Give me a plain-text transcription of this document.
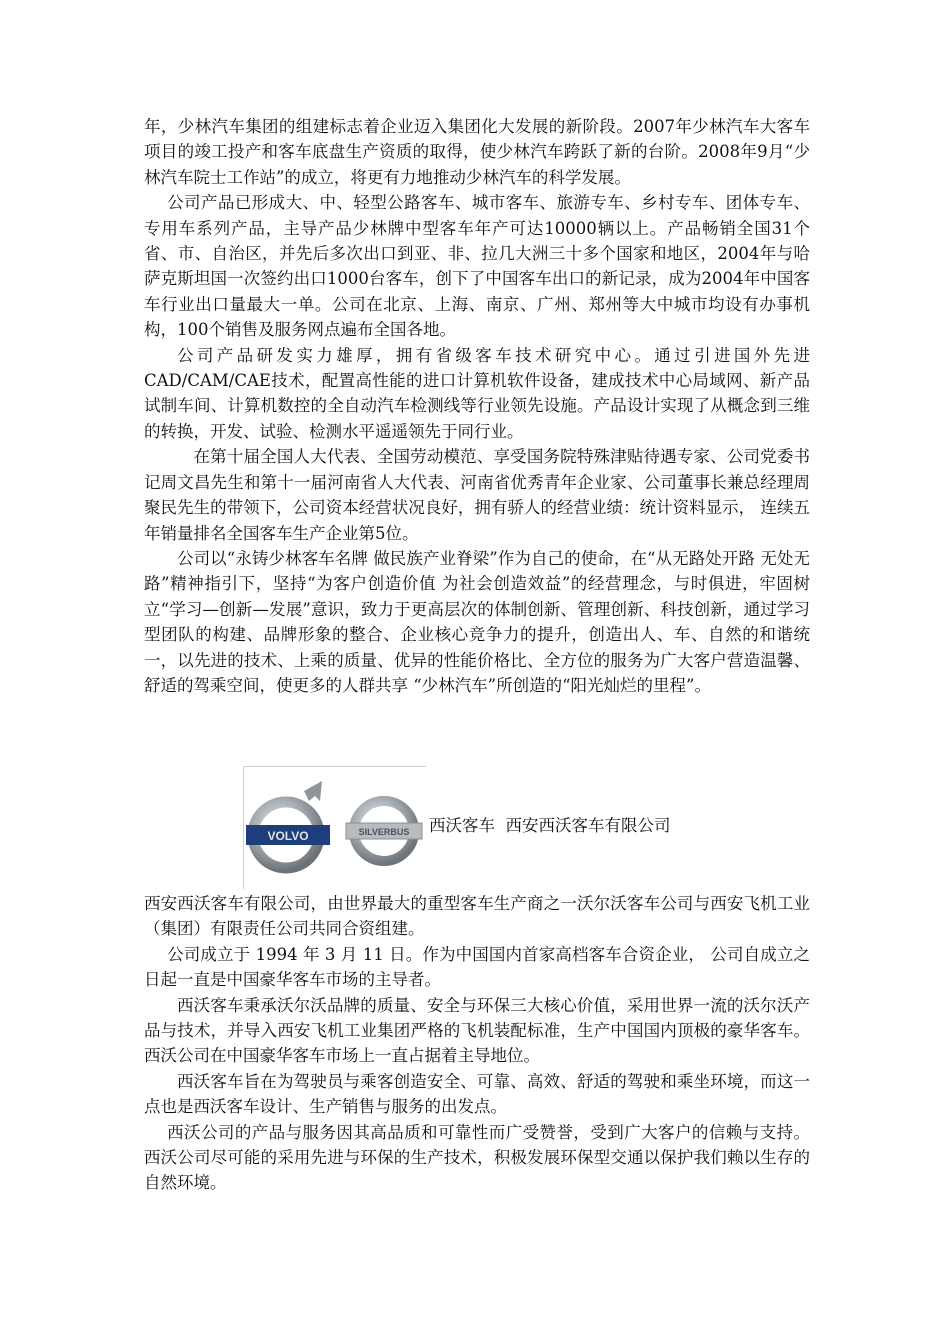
年，少林汽车集团的组建标志着企业迈入集团化大发展的新阶段。2007年少林汽车大客车项目的竣工投产和客车底盘生产资质的取得，使少林汽车跨跃了新的台阶。2008年9月“少林汽车院士工作站”的成立，将更有力地推动少林汽车的科学发展。

公司产品已形成大、中、轻型公路客车、城市客车、旅游专车、乡村专车、团体专车、专用车系列产品，主导产品少林牌中型客车年产可达10000辆以上。产品畅销全国31个省、市、自治区，并先后多次出口到亚、非、拉几大洲三十多个国家和地区，2004年与哈萨克斯坦国一次签约出口1000台客车，创下了中国客车出口的新记录，成为2004年中国客车行业出口量最大一单。公司在北京、上海、南京、广州、郑州等大中城市均设有办事机构，100个销售及服务网点遍布全国各地。

公司产品研发实力雄厚，拥有省级客车技术研究中心。通过引进国外先进CAD/CAM/CAE技术，配置高性能的进口计算机软件设备，建成技术中心局域网、新产品试制车间、计算机数控的全自动汽车检测线等行业领先设施。产品设计实现了从概念到三维的转换，开发、试验、检测水平遥遥领先于同行业。

在第十届全国人大代表、全国劳动模范、享受国务院特殊津贴待遇专家、公司党委书记周文昌先生和第十一届河南省人大代表、河南省优秀青年企业家、公司董事长兼总经理周聚民先生的带领下，公司资本经营状况良好，拥有骄人的经营业绩：统计资料显示， 连续五年销量排名全国客车生产企业第5位。

公司以“永铸少林客车名牌 做民族产业脊梁”作为自己的使命，在“从无路处开路 无处无路”精神指引下，坚持“为客户创造价值 为社会创造效益”的经营理念，与时俱进，牢固树立“学习—创新—发展”意识，致力于更高层次的体制创新、管理创新、科技创新，通过学习型团队的构建、品牌形象的整合、企业核心竞争力的提升，创造出人、车、自然的和谐统一，以先进的技术、上乘的质量、优异的性能价格比、全方位的服务为广大客户营造温馨、舒适的驾乘空间，使更多的人群共享 “少林汽车”所创造的“阳光灿烂的里程”。

VOLVO	SILVERBUS 西沃客车  西安西沃客车有限公司

西安西沃客车有限公司，由世界最大的重型客车生产商之一沃尔沃客车公司与西安飞机工业（集团）有限责任公司共同合资组建。

公司成立于 1994 年 3 月 11 日。作为中国国内首家高档客车合资企业， 公司自成立之日起一直是中国豪华客车市场的主导者。

西沃客车秉承沃尔沃品牌的质量、安全与环保三大核心价值，采用世界一流的沃尔沃产品与技术，并导入西安飞机工业集团严格的飞机装配标准，生产中国国内顶极的豪华客车。西沃公司在中国豪华客车市场上一直占据着主导地位。

西沃客车旨在为驾驶员与乘客创造安全、可靠、高效、舒适的驾驶和乘坐环境，而这一点也是西沃客车设计、生产销售与服务的出发点。

西沃公司的产品与服务因其高品质和可靠性而广受赞誉，受到广大客户的信赖与支持。西沃公司尽可能的采用先进与环保的生产技术，积极发展环保型交通以保护我们赖以生存的自然环境。
